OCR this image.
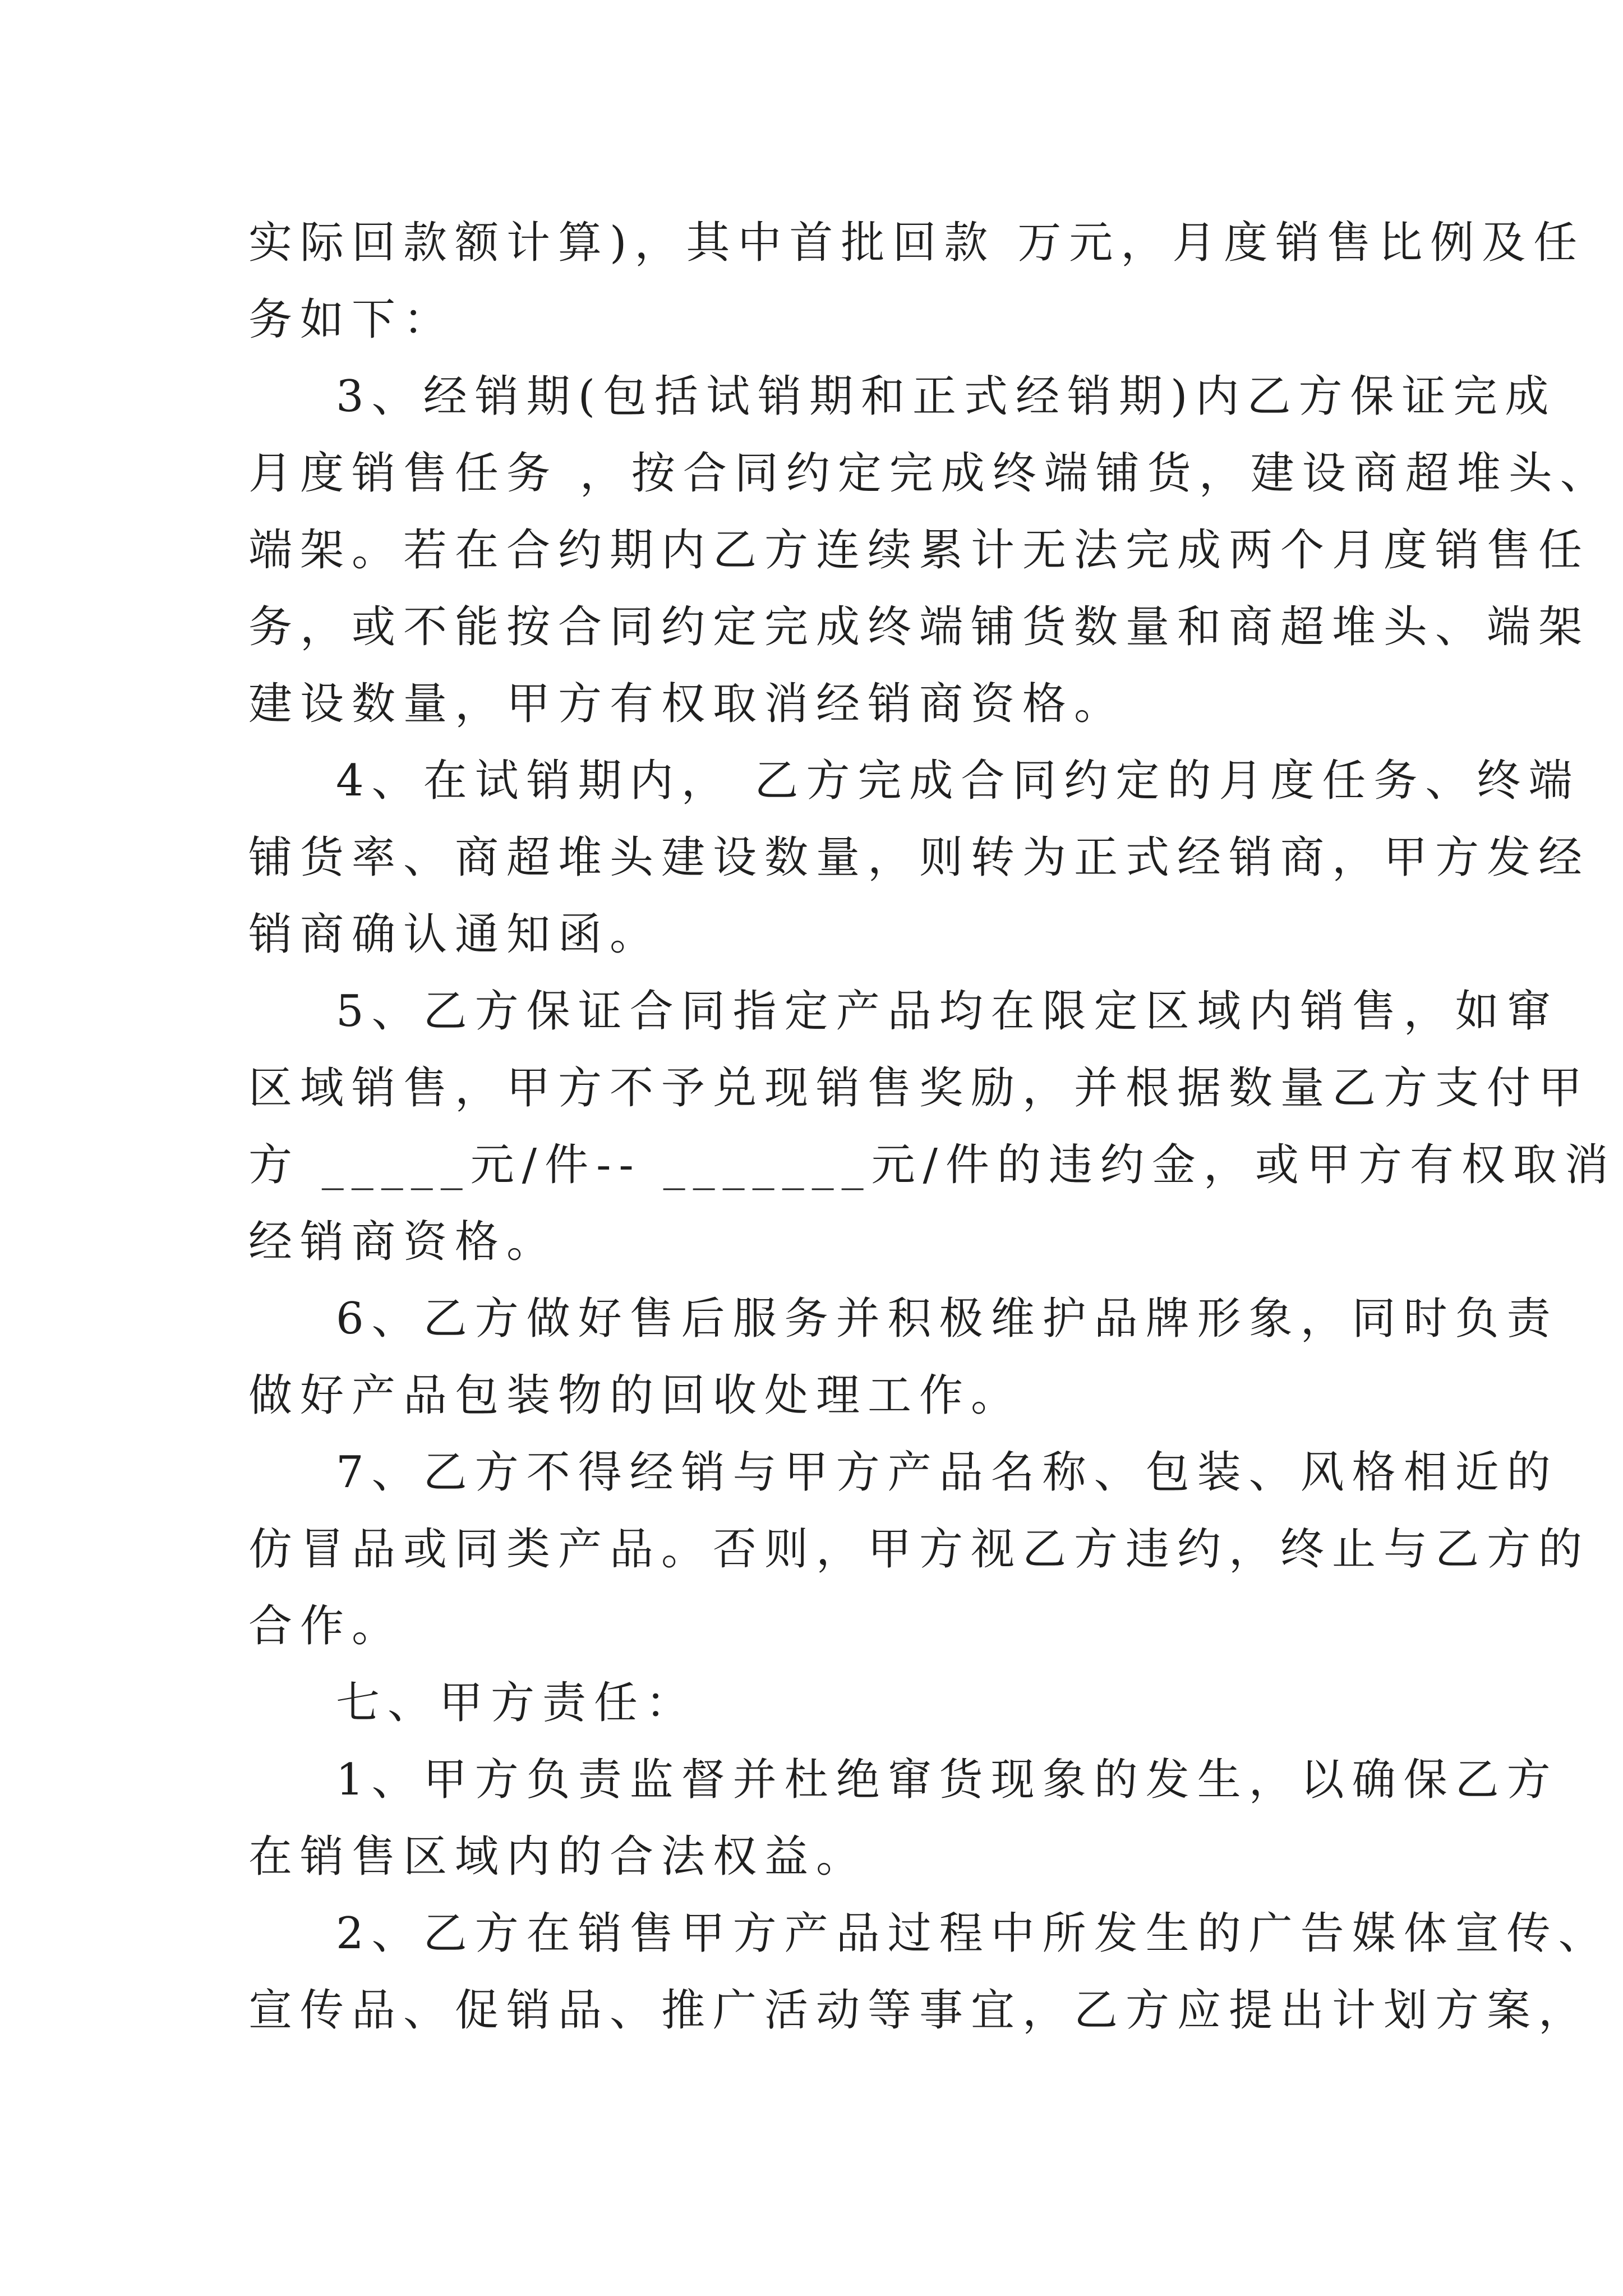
实际回款额计算)，其中首批回款 万元，月度销售比例及任
务如下：
3、经销期(包括试销期和正式经销期)内乙方保证完成
月度销售任务 ，按合同约定完成终端铺货，建设商超堆头、
端架。若在合约期内乙方连续累计无法完成两个月度销售任
务，或不能按合同约定完成终端铺货数量和商超堆头、端架
建设数量，甲方有权取消经销商资格。
4、在试销期内， 乙方完成合同约定的月度任务、终端
铺货率、商超堆头建设数量，则转为正式经销商，甲方发经
销商确认通知函。
5、乙方保证合同指定产品均在限定区域内销售，如窜
区域销售，甲方不予兑现销售奖励，并根据数量乙方支付甲
方 _____元/件-- _______元/件的违约金，或甲方有权取消
经销商资格。
6、乙方做好售后服务并积极维护品牌形象，同时负责
做好产品包装物的回收处理工作。
7、乙方不得经销与甲方产品名称、包装、风格相近的
仿冒品或同类产品。否则，甲方视乙方违约，终止与乙方的
合作。
七、甲方责任：
1、甲方负责监督并杜绝窜货现象的发生，以确保乙方
在销售区域内的合法权益。
2、乙方在销售甲方产品过程中所发生的广告媒体宣传、
宣传品、促销品、推广活动等事宜，乙方应提出计划方案，
